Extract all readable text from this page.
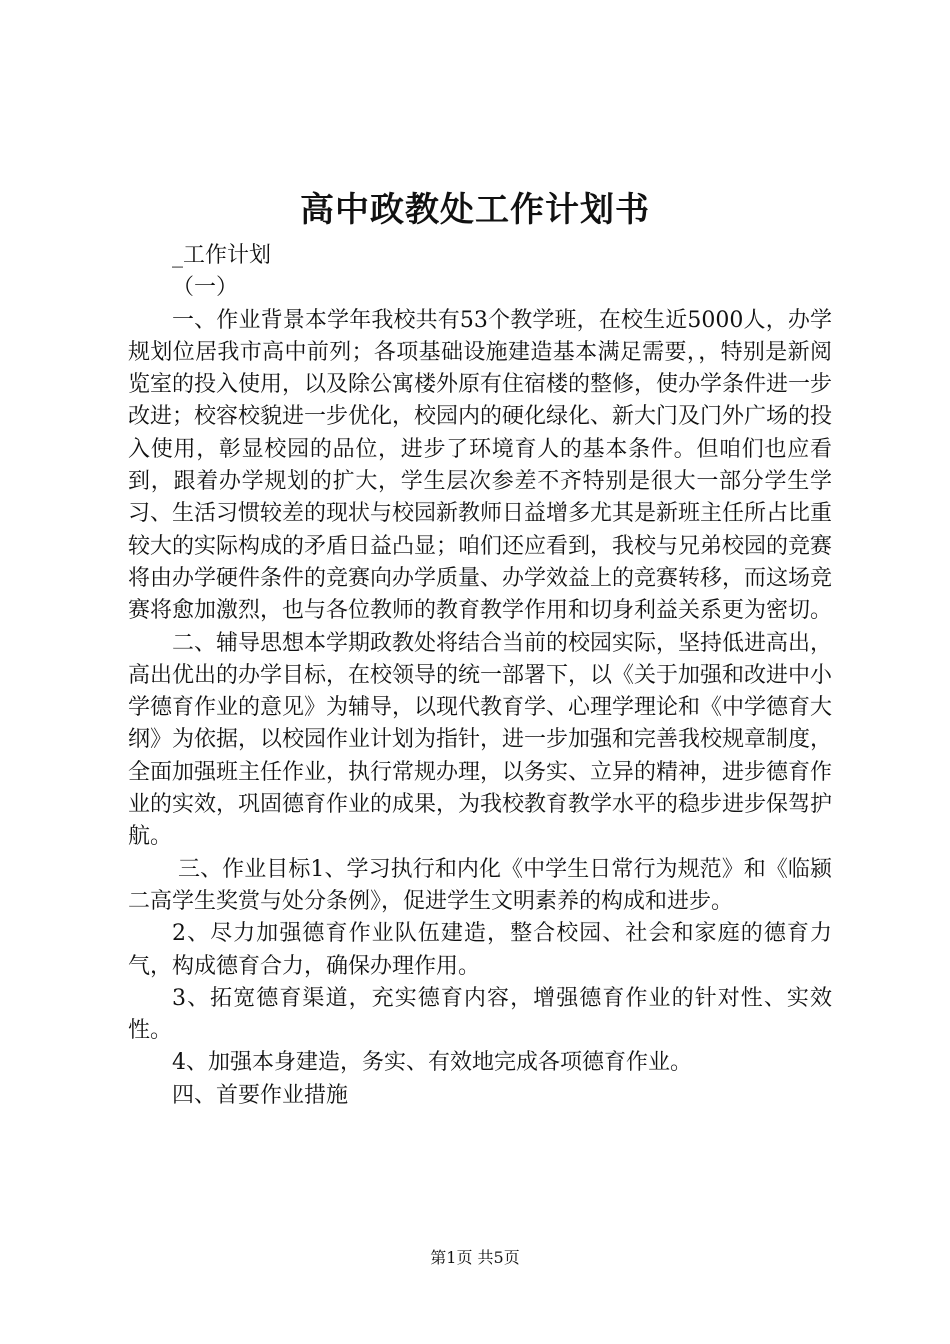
高中政教处工作计划书

_工作计划

（一）

一、作业背景本学年我校共有53个教学班，在校生近5000人，办学规划位居我市高中前列；各项基础设施建造基本满足需要，，特别是新阅览室的投入使用，以及除公寓楼外原有住宿楼的整修，使办学条件进一步改进；校容校貌进一步优化，校园内的硬化绿化、新大门及门外广场的投入使用，彰显校园的品位，进步了环境育人的基本条件。但咱们也应看到，跟着办学规划的扩大，学生层次参差不齐特别是很大一部分学生学习、生活习惯较差的现状与校园新教师日益增多尤其是新班主任所占比重较大的实际构成的矛盾日益凸显；咱们还应看到，我校与兄弟校园的竞赛将由办学硬件条件的竞赛向办学质量、办学效益上的竞赛转移，而这场竞赛将愈加激烈，也与各位教师的教育教学作用和切身利益关系更为密切。

二、辅导思想本学期政教处将结合当前的校园实际，坚持低进高出，高出优出的办学目标，在校领导的统一部署下，以《关于加强和改进中小学德育作业的意见》为辅导，以现代教育学、心理学理论和《中学德育大纲》为依据，以校园作业计划为指针，进一步加强和完善我校规章制度，全面加强班主任作业，执行常规办理，以务实、立异的精神，进步德育作业的实效，巩固德育作业的成果，为我校教育教学水平的稳步进步保驾护航。

三、作业目标1、学习执行和内化《中学生日常行为规范》和《临颍二高学生奖赏与处分条例》，促进学生文明素养的构成和进步。

2、尽力加强德育作业队伍建造，整合校园、社会和家庭的德育力气，构成德育合力，确保办理作用。

3、拓宽德育渠道，充实德育内容，增强德育作业的针对性、实效性。

4、加强本身建造，务实、有效地完成各项德育作业。

四、首要作业措施

第1页 共5页
